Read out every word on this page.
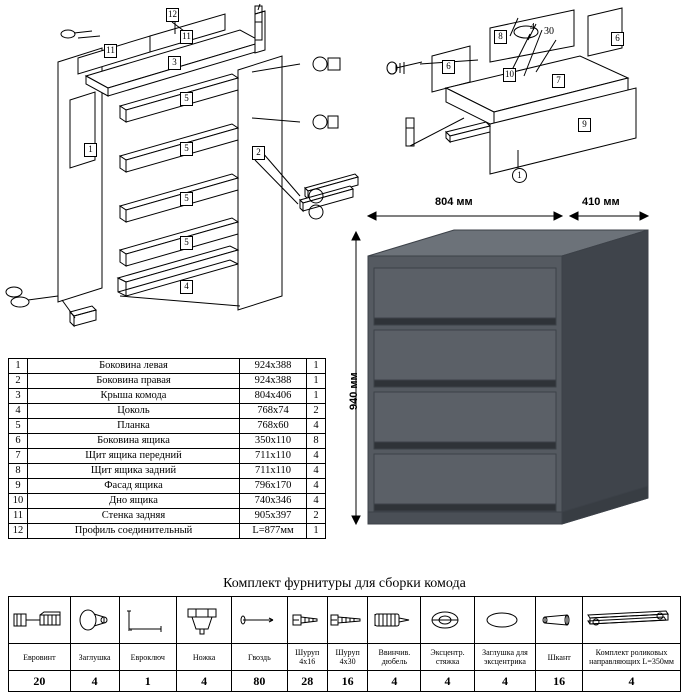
12
11
11
3
5
5
5
5
1	2
4
8	6
6
10
7
9
4 30
1
804 мм	410 мм
940 мм
1	Боковина левая	924х388	1
2	Боковина правая	924х388	1
3	Крыша комода	804х406	1
4	Цоколь	768х74	2
5	Планка	768х60	4
6	Боковина ящика	350х110	8
7	Щит ящика передний	711х110	4
8	Щит ящика задний	711х110	4
9	Фасад ящика	796х170	4
10	Дно ящика	740х346	4
11	Стенка задняя	905х397	2
12	Профиль соединительный	L=877мм	1
Комплект фурнитуры для сборки комода

Евровинт	Заглушка	Евроключ	Ножка	Гвоздь	Шуруп 4х16	Шуруп 4х30	Ввинчив. дюбель	Эксцентр. стяжка	Заглушка для эксцентрика	Шкант	Комплект роликовых направляющих L=350мм
20	4	1	4	80	28	16	4	4	4	16	4
